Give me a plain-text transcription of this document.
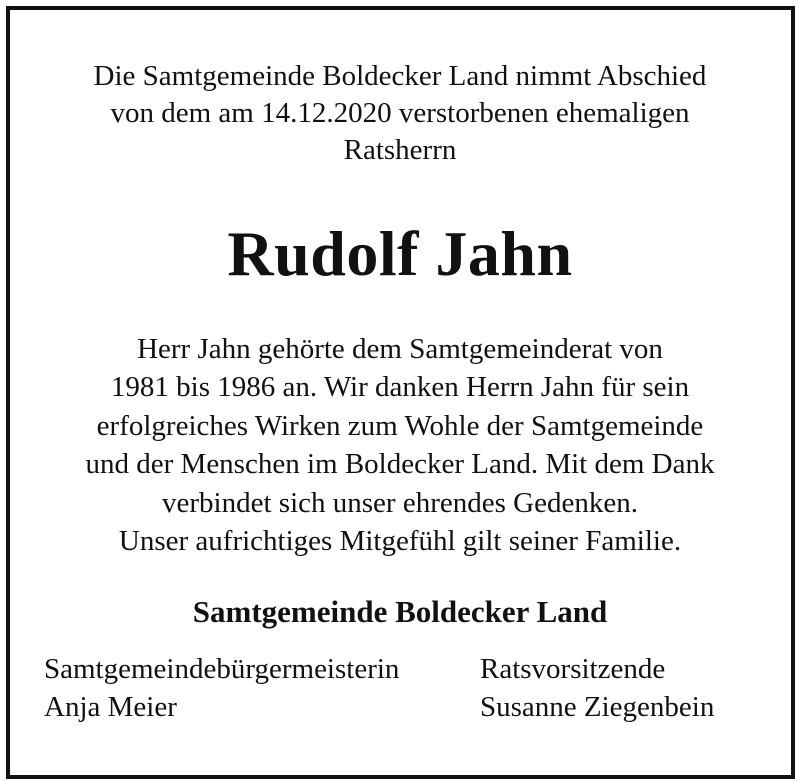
Die Samtgemeinde Boldecker Land nimmt Abschied
von dem am 14.12.2020 verstorbenen ehemaligen
Ratsherrn
Rudolf Jahn
Herr Jahn gehörte dem Samtgemeinderat von
1981 bis 1986 an. Wir danken Herrn Jahn für sein
erfolgreiches Wirken zum Wohle der Samtgemeinde
und der Menschen im Boldecker Land. Mit dem Dank
verbindet sich unser ehrendes Gedenken.
Unser aufrichtiges Mitgefühl gilt seiner Familie.
Samtgemeinde Boldecker Land
Samtgemeindebürgermeisterin
Anja Meier
Ratsvorsitzende
Susanne Ziegenbein
